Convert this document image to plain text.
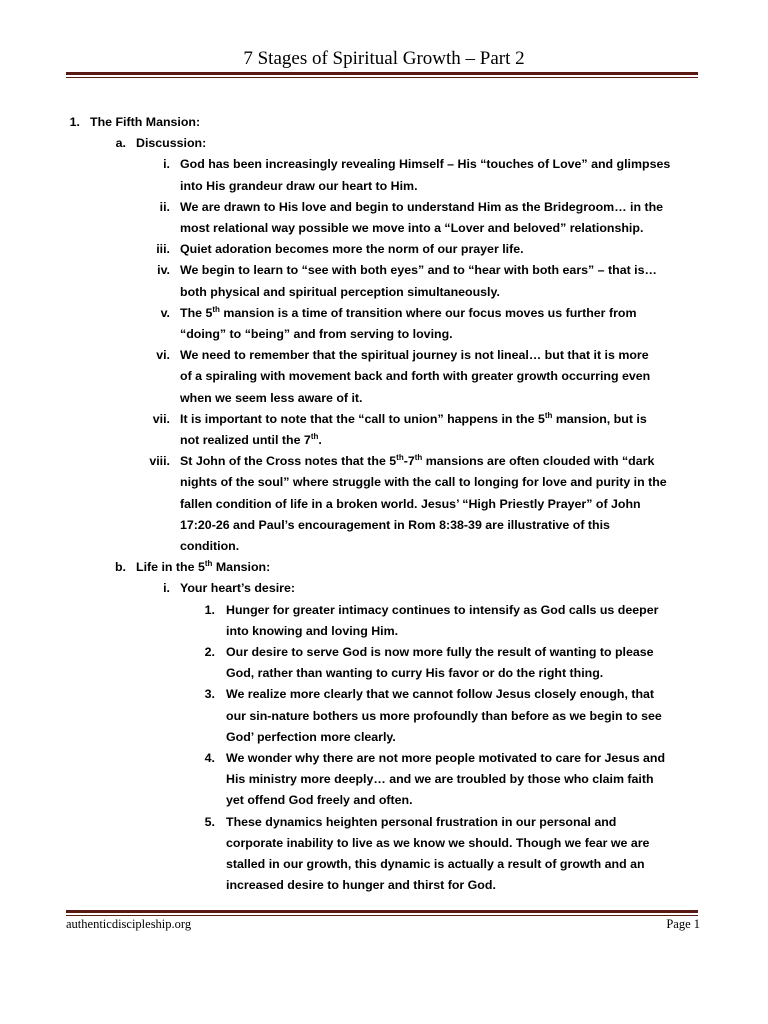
7 Stages of Spiritual Growth – Part 2
1. The Fifth Mansion:
a. Discussion:
i. God has been increasingly revealing Himself – His “touches of Love” and glimpses
into His grandeur draw our heart to Him.
ii. We are drawn to His love and begin to understand Him as the Bridegroom… in the
most relational way possible we move into a “Lover and beloved” relationship.
iii. Quiet adoration becomes more the norm of our prayer life.
iv. We begin to learn to “see with both eyes” and to “hear with both ears” – that is…
both physical and spiritual perception simultaneously.
v. The 5th mansion is a time of transition where our focus moves us further from
“doing” to “being” and from serving to loving.
vi. We need to remember that the spiritual journey is not lineal… but that it is more
of a spiraling with movement back and forth with greater growth occurring even
when we seem less aware of it.
vii. It is important to note that the “call to union” happens in the 5th mansion, but is
not realized until the 7th.
viii. St John of the Cross notes that the 5th-7th mansions are often clouded with “dark
nights of the soul” where struggle with the call to longing for love and purity in the
fallen condition of life in a broken world. Jesus’ “High Priestly Prayer” of John
17:20-26 and Paul’s encouragement in Rom 8:38-39 are illustrative of this
condition.
b. Life in the 5th Mansion:
i. Your heart’s desire:
1. Hunger for greater intimacy continues to intensify as God calls us deeper
into knowing and loving Him.
2. Our desire to serve God is now more fully the result of wanting to please
God, rather than wanting to curry His favor or do the right thing.
3. We realize more clearly that we cannot follow Jesus closely enough, that
our sin-nature bothers us more profoundly than before as we begin to see
God’ perfection more clearly.
4. We wonder why there are not more people motivated to care for Jesus and
His ministry more deeply… and we are troubled by those who claim faith
yet offend God freely and often.
5. These dynamics heighten personal frustration in our personal and
corporate inability to live as we know we should. Though we fear we are
stalled in our growth, this dynamic is actually a result of growth and an
increased desire to hunger and thirst for God.
authenticdiscipleship.org	Page 1
